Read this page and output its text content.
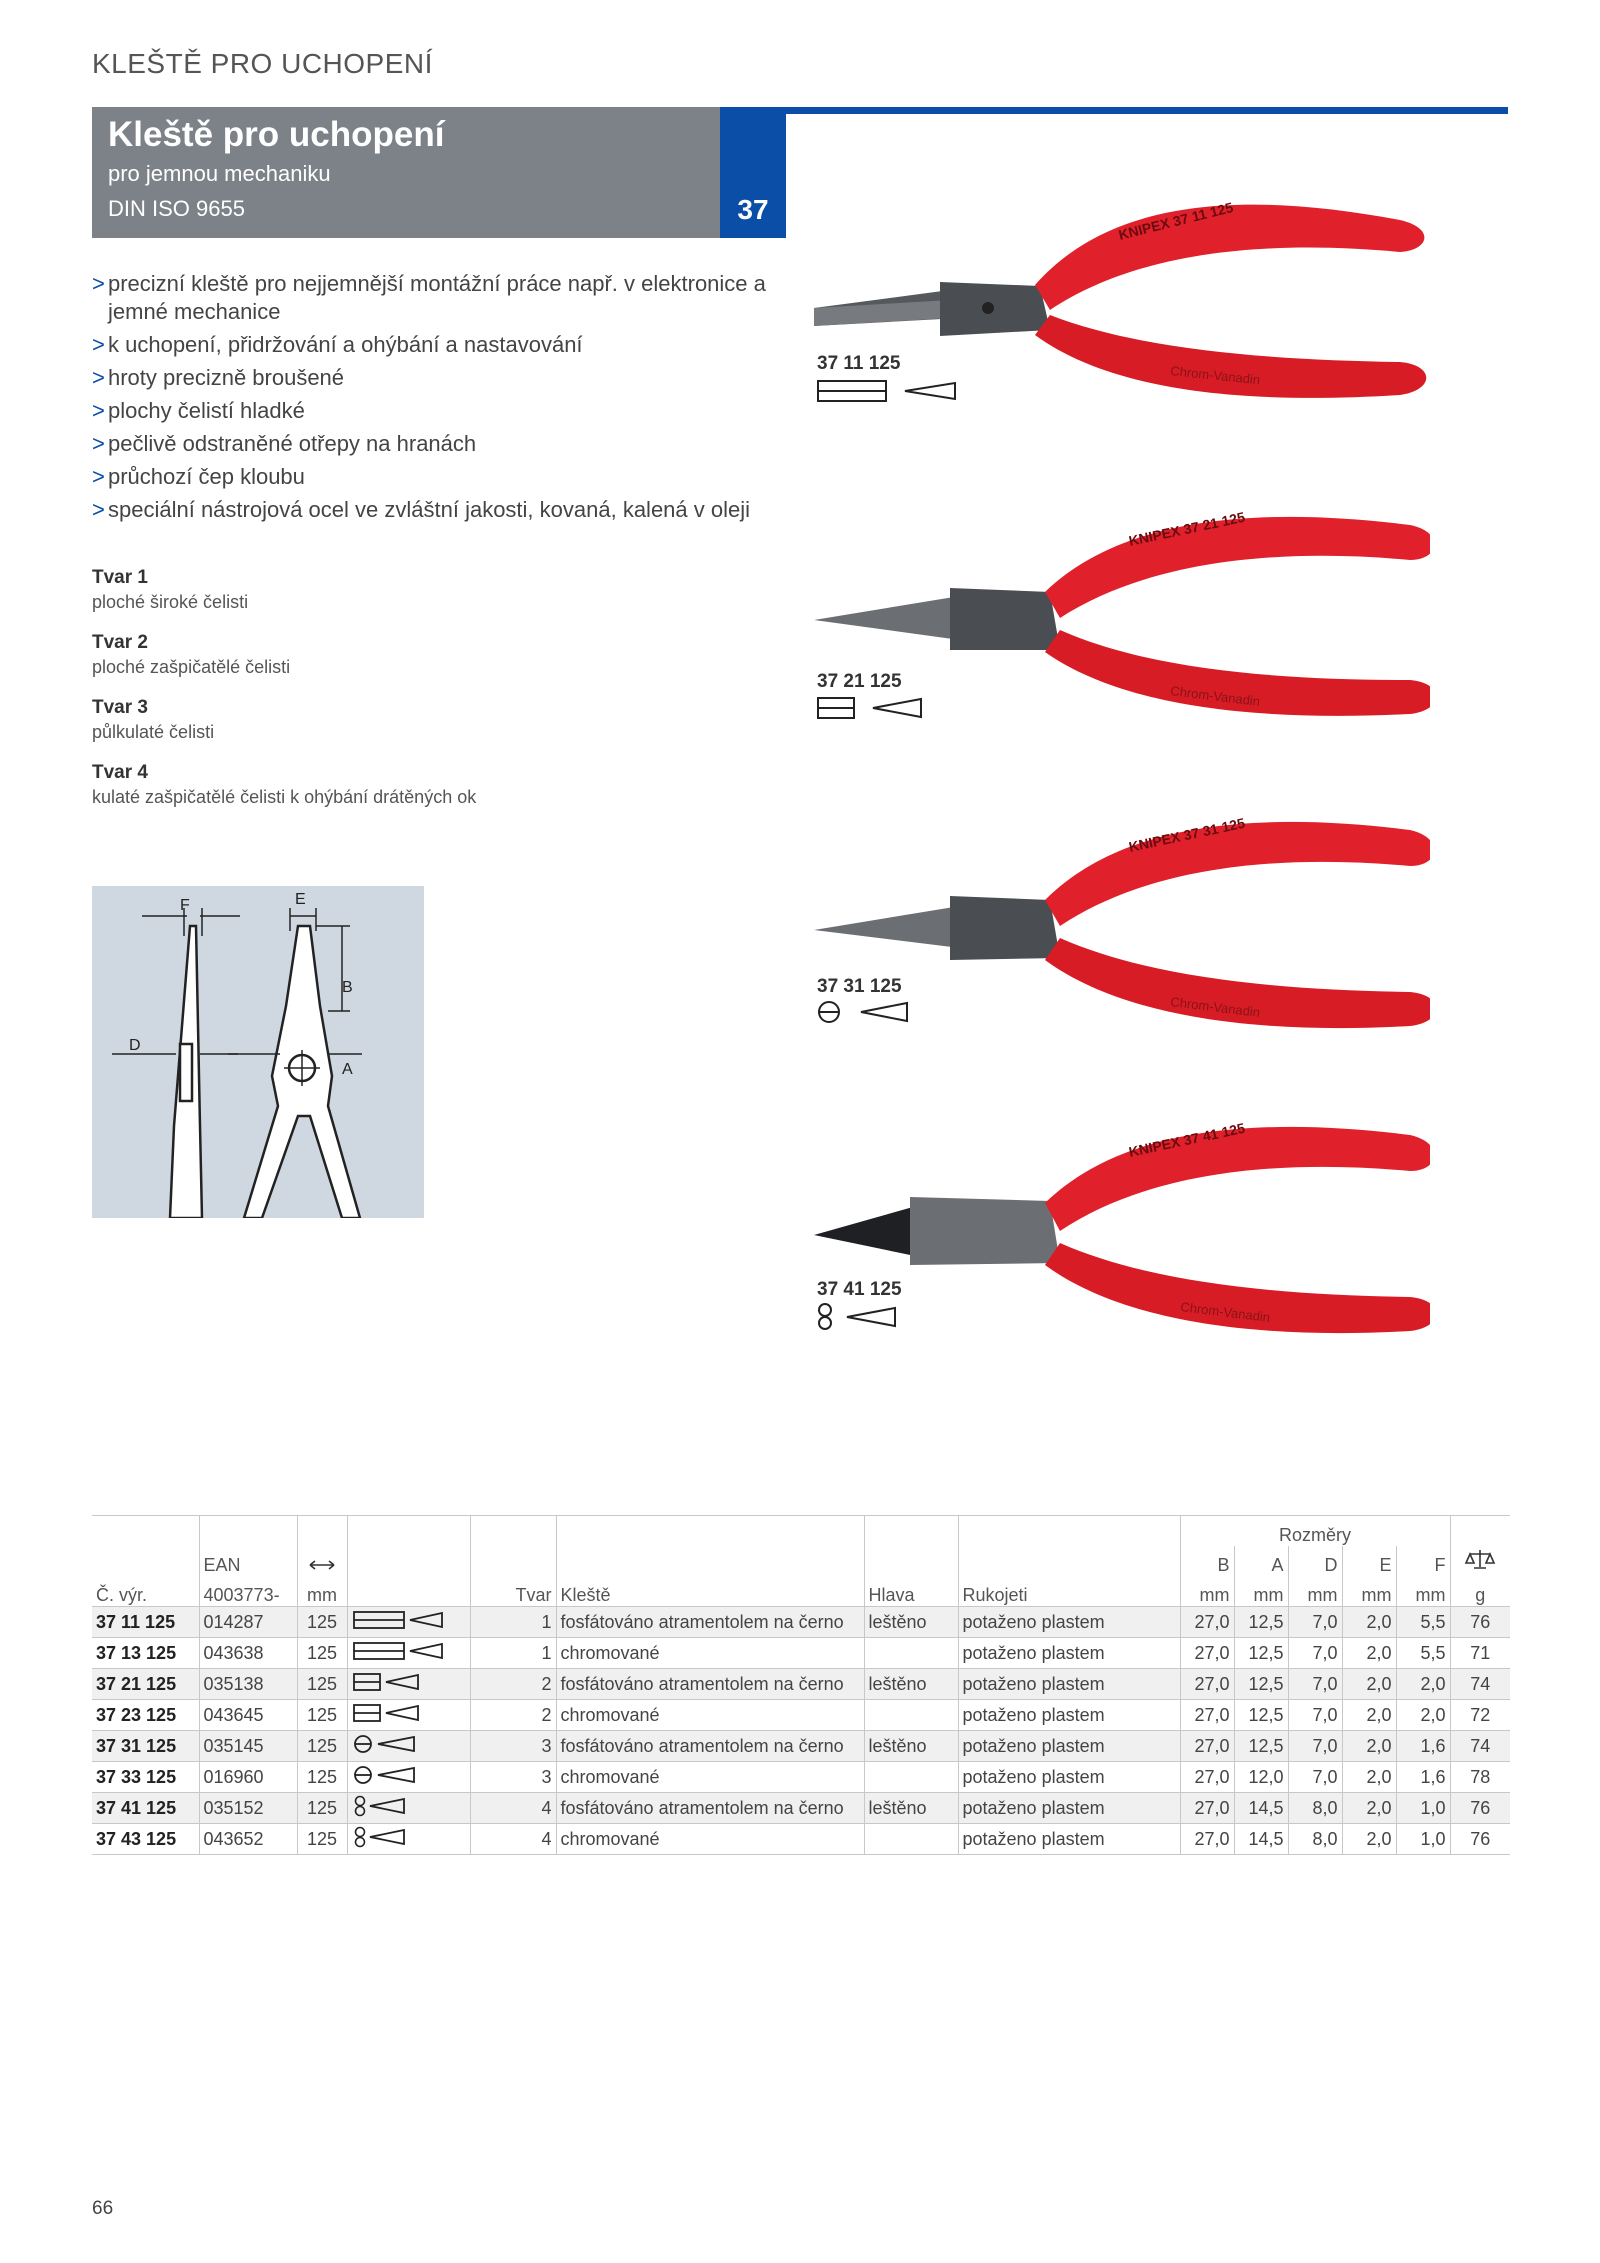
KLEŠTĚ PRO UCHOPENÍ
Kleště pro uchopení
pro jemnou mechaniku
DIN ISO 9655	37
> precizní kleště pro nejjemnější montážní práce např. v elektronice a jemné mechanice
> k uchopení, přidržování a ohýbání a nastavování
> hroty precizně broušené
> plochy čelistí hladké
> pečlivě odstraněné otřepy na hranách
> průchozí čep kloubu
> speciální nástrojová ocel ve zvláštní jakosti, kovaná, kalená v oleji
Tvar 1
ploché široké čelisti
Tvar 2
ploché zašpičatělé čelisti
Tvar 3
půlkulaté čelisti
Tvar 4
kulaté zašpičatělé čelisti k ohýbání drátěných ok
F	E
B
D
A
KNIPEX 37 11 125
Chrom-Vanadin
37 11 125
KNIPEX 37 21 125
Chrom-Vanadin
37 21 125
KNIPEX 37 31 125
Chrom-Vanadin
37 31 125
KNIPEX 37 41 125
Chrom-Vanadin
37 41 125
								Rozměry					
	EAN							B	A	D	E	F	
Č. výr.	4003773-	mm		Tvar	Kleště	Hlava	Rukojeti	mm	mm	mm	mm	mm	g
37 11 125	014287	125		1	fosfátováno atramentolem na černo	leštěno	potaženo plastem	27,0	12,5	7,0	2,0	5,5	76
37 13 125	043638	125		1	chromované		potaženo plastem	27,0	12,5	7,0	2,0	5,5	71
37 21 125	035138	125		2	fosfátováno atramentolem na černo	leštěno	potaženo plastem	27,0	12,5	7,0	2,0	2,0	74
37 23 125	043645	125		2	chromované		potaženo plastem	27,0	12,5	7,0	2,0	2,0	72
37 31 125	035145	125		3	fosfátováno atramentolem na černo	leštěno	potaženo plastem	27,0	12,5	7,0	2,0	1,6	74
37 33 125	016960	125		3	chromované		potaženo plastem	27,0	12,0	7,0	2,0	1,6	78
37 41 125	035152	125		4	fosfátováno atramentolem na černo	leštěno	potaženo plastem	27,0	14,5	8,0	2,0	1,0	76
37 43 125	043652	125		4	chromované		potaženo plastem	27,0	14,5	8,0	2,0	1,0	76
66
